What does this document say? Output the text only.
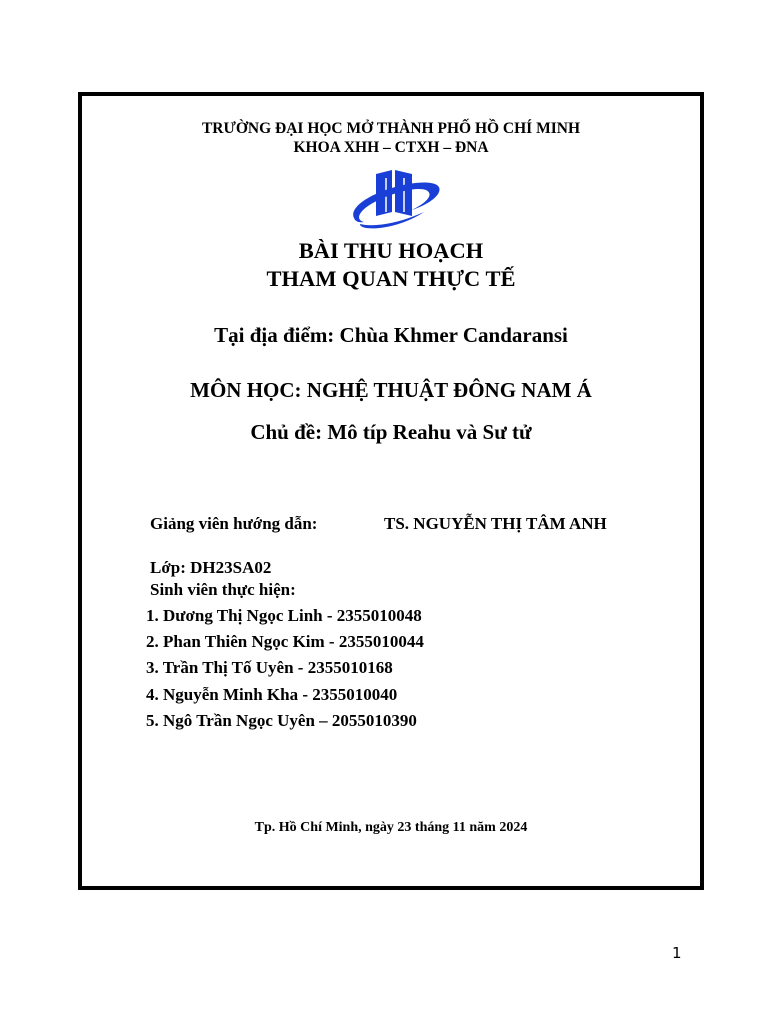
TRƯỜNG ĐẠI HỌC MỞ THÀNH PHỐ HỒ CHÍ MINH
KHOA XHH – CTXH – ĐNA
BÀI THU HOẠCH
THAM QUAN THỰC TẾ
Tại địa điểm: Chùa Khmer Candaransi
MÔN HỌC: NGHỆ THUẬT ĐÔNG NAM Á
Chủ đề: Mô típ Reahu và Sư tử
Giảng viên hướng dẫn:	TS. NGUYỄN THỊ TÂM ANH
Lớp: DH23SA02
Sinh viên thực hiện:
1. Dương Thị Ngọc Linh - 2355010048
2. Phan Thiên Ngọc Kim - 2355010044
3. Trần Thị Tố Uyên - 2355010168
4. Nguyễn Minh Kha - 2355010040
5. Ngô Trần Ngọc Uyên – 2055010390
Tp. Hồ Chí Minh, ngày 23 tháng 11 năm 2024
1
